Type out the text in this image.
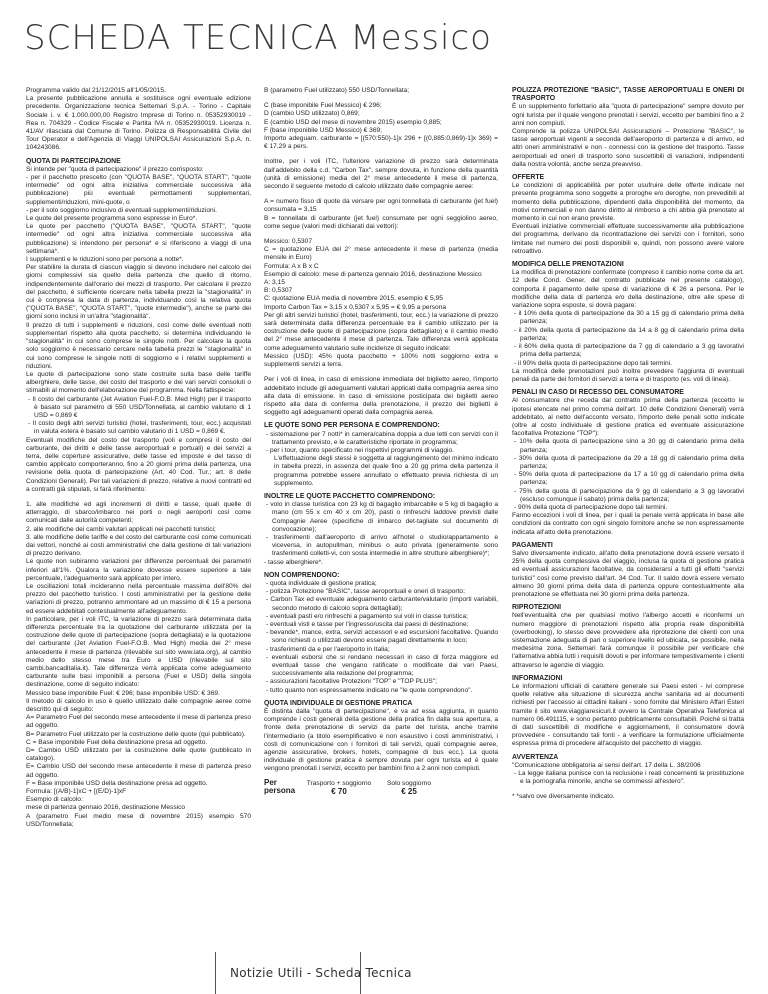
SCHEDA TECNICA Messico

Programma valido dal 21/12/2015 all'1/05/2015.

La presente pubblicazione annulla e sostituisce ogni eventuale edizione precedente. Organizzazione tecnica Settemari S.p.A. - Torino - Capitale Sociale i. v. € 1.000.000,00 Registro Imprese di Torino n. 05352930019 - Rea n. 704329 - Codice Fiscale e Partita IVA n. 05352930019. Licenza n. 41/AV rilasciata dal Comune di Torino. Polizza di Responsabilità Civile del Tour Operator e dell'Agenzia di Viaggi UNIPOLSAI Assicurazioni S.p.A. n. 104243086.

QUOTA DI PARTECIPAZIONE

Si intende per "quota di partecipazione" il prezzo corrisposto:

- per il pacchetto prescelto (con "QUOTA BASE", "QUOTA START", "quote intermedie" od ogni altra iniziativa commerciale successiva alla pubblicazione) più eventuali permottamenti supplementari, supplementi/riduzioni, mini-quote, o

- per il solo soggiorno inclusivo di eventuali supplementi/riduzioni.

Le quote del presente programma sono espresse in Euro*.

Le quote per pacchetto ("QUOTA BASE", "QUOTA START", "quote intermedie" od ogni altra iniziativa commerciale successiva alla pubblicazione) si intendono per persona* e si riferiscono a viaggi di una settimana*.

I supplementi e le riduzioni sono per persona a notte*.

Per stabilire la durata di ciascun viaggio si devono includere nel calcolo dei giorni complessivi sia quello della partenza che quello di ritorno, indipendentemente dall'orario dei mezzi di trasporto. Per calcolare il prezzo del pacchetto, è sufficiente ricercare nella tabella prezzi la "stagionalità" in cui è compresa la data di partenza, individuando così la relativa quota ("QUOTA BASE", "QUOTA START", "quote intermedie"), anche se parte dei giorni sono inclusi in un'altra "stagionalità".

Il prezzo di tutti i supplementi e riduzioni, così come delle eventuali notti supplementari rispetto alla quota pacchetto, si determina individuando le "stagionalità" in cui sono comprese le singole notti. Per calcolare la quota solo soggiorno è necessario cercare nella tabella prezzi le "stagionalità" in cui sono comprese le singole notti di soggiorno e i relativi supplementi e riduzioni.

Le quote di partecipazione sono state costruite sulla base delle tariffe alberghiere, delle tasse, del costo del trasporto e dei vari servizi consoluti o stimabili al momento dell'elaborazione del programma. Nella fattispecie:

- Il costo del carburante (Jet Aviation Fuel-F.O.B. Med High) per il trasporto è basato sul parametro di 550 USD/Tonnellata, al cambio valutario di 1 USD = 0,869 €

- Il costo degli altri servizi turistici (hotel, trasferimenti, tour, ecc.) acquistati in valuta estera è basato sul cambio valutario di 1 USD = 0,869 €.

Eventuali modifiche del costo del trasporto (voli e compresi il costo del carburante, dei diritti e delle tasse aeroportuali e portuali) e dei servizi a terra, delle coperture assicurative, delle tasse ed imposte e del tasso di cambio applicato comporteranno, fino a 20 giorni prima della partenza, una revisione della quota di partecipazione (Art. 40 Cod. Tur.; art. 8 delle Condizioni Generali). Per tali variazioni di prezzo, relative a nuovi contratti ed a contratti già stipulati, si farà riferimento:

1. alle modifiche ed agli incrementi di diritti e tasse, quali quelle di atterraggio, di sbarco/imbarco nei porti o negli aeroporti così come comunicati dalle autorità competenti;

2. alle modifiche dei cambi valutari applicati nei pacchetti turistici;

3. alle modifiche delle tariffe e del costo del carburante così come comunicati dai vettori, nonché ai costi amministrativi che dalla gestione di tali variazioni di prezzo derivano.

Le quote non subiranno variazioni per differenze percentuali dei parametri inferiori all'1%. Qualora la variazione dovesse essere superiore a tale percentuale, l'adeguamento sarà applicato per intero.

Le oscillazioni totali incideranno nella percentuale massima dell'80% del prezzo del pacchetto turistico. I costi amministrativi per la gestione delle variazioni di prezzo, potranno ammontare ad un massimo di € 15 a persona ed essere addebitati contestualmente all'adeguamento.

In particolare, per i voli ITC, la variazione di prezzo sarà determinata dalla differenza percentuale tra la quotazione del carburante utilizzata per la costruzione delle quote di partecipazione (sopra dettagliata) e la quotazione del carburante (Jet Aviation Fuel-F.O.B. Med High) media dei 2° mese antecedente il mese di partenza (rilevabile sul sito www.iata.org), al cambio medio dello stesso mese tra Euro e USD (rilevabile sul sito cambi.bancaditalia.it). Tale differenza verrà applicata come adeguamento carburante sulle basi imponibili a persona (Fuel e USD) della singola destinazione, come di seguito indicato:

Messico base imponibile Fuel: € 296; base imponibile USD: € 369.

Il metodo di calcolo in uso è quello utilizzato dalle compagnie aeree come descritto qui di seguito:

A= Parametro Fuel del secondo mese antecedente il mese di partenza preso ad oggetto.

B= Parametro Fuel utilizzato per la costruzione delle quote (qui pubblicato).

C = Base imponibile Fuel della destinazione presa ad oggetto.

D= Cambio USD utilizzato per la costruzione delle quote (pubblicato in catalogo).

E= Cambio USD del secondo mese antecedente il mese di partenza preso ad oggetto.

F = Base imponibile USD della destinazione presa ad oggetto.

Formula: [(A/B)-1]xC + [(E/D)-1]xF

Esempio di calcolo:

mese di partenza gennaio 2016, destinazione Messico

A (parametro Fuel medio mese di novembre 2015) esempio 570 USD/Tonnellata;

B (parametro Fuel utilizzato) 550 USD/Tonnellata;

C (base imponibile Fuel Messico) € 296;

D (cambio USD utilizzato) 0,869;

E (cambio USD del mese di novembre 2015) esempio 0,885;

F (base imponibile USD Messico) € 369;

Importo adeguam. carburante = [(570:550)-1]x 296 + [(0,885:0,869)-1]x 369) = € 17,29 a pers.

Inoltre, per i voli ITC, l'ulteriore variazione di prezzo sarà determinata dall'addebito della c.d. "Carbon Tax", sempre dovuta, in funzione della quantità (unità di emissione) media del 2° mese antecedente il mese di partenza, secondo il seguente metodo di calcolo utilizzato dalle compagnie aeree:

A = numero fisso di quote da versare per ogni tonnellata di carburante (jet fuel) consumata = 3,15

B = tonnellate di carburante (jet fuel) consumate per ogni seggiolino aereo, come segue (valori medi dichiarati dai vettori):

Messico: 0,5307

C = quotazione EUA del 2° mese antecedente il mese di partenza (media mensile in Euro)

Formula: A x B x C

Esempio di calcolo: mese di partenza gennaio 2016, destinazione Messico

A: 3,15

B: 0,5307

C: quotazione EUA media di novembre 2015, esempio € 5,95

Importo Carbon Tax = 3,15 x 0,5307 x 5,95 = € 9,95 a persona

Per gli altri servizi turistici (hotel, trasferimenti, tour, ecc.) la variazione di prezzo sarà determinata dalla differenza percentuale tra il cambio utilizzato per la costruzione delle quote di partecipazione (sopra dettagliato) e il cambio medio del 2° mese antecedente il mese di partenza. Tale differenza verrà applicata come adeguamento valutario sulle incidenze di seguito indicate:

Messico (USD): 45% quota pacchetto + 100% notti soggiorno extra e supplementi servizi a terra.

Per i voli di linea, in caso di emissione immediata del biglietto aereo, l'importo addebitato include gli adeguamenti valutari applicati dalla compagnia aerea sino alla data di emissione. In caso di emissione posticipata dei biglietti aereo rispetto alla data di conferma della prenotazione, il prezzo dei biglietti è soggetto agli adeguamenti operati dalla compagnia aerea.

LE QUOTE SONO PER PERSONA E COMPRENDONO:

- sistemazione per 7 notti* in camera/cabina doppia a due letti con servizi con il trattamento previsto, e le caratteristiche riportate in programma;

- per i tour, quanto specificato nei rispettivi programmi di viaggio.

L'effettuazione degli stessi è soggetta al raggiungimento del minimo indicato in tabella prezzi, in assenza del quale fino a 20 gg prima della partenza il programma potrebbe essere annullato o effettuato previa richiesta di un supplemento.

INOLTRE LE QUOTE PACCHETTO COMPRENDONO:

- volo in classe turistica con 23 kg di bagaglio imbarcabile e 5 kg di bagaglio a mano (cm 55 x cm 40 x cm 20), pasti o rinfreschi laddove previsti dalle Compagnie Aeree (specifiche di imbarco det-tagliate sul documento di convocazione);

- trasferimenti dall'aeroporto di arrivo all'hotel o studio/appartamento e viceversa, in autopullman, minibus o auto privata (generalmente sono trasferimenti colletti-vi, con sosta intermedie in altre strutture alberghiere)*;

- tasse alberghiere*.

NON COMPRENDONO:

- quota individuale di gestione pratica;

- polizza Protezione "BASIC", tasse aeroportuali e oneri di trasporto;

- Carbon Tax ed eventuale adeguamento carburante/valutario (importi variabili, secondo metodo di calcolo sopra dettagliati);

- eventuali pasti e/o rinfreschi a pagamento sui voli in classe turistica;

- eventuali visti e tasse per l'ingresso/uscita dai paesi di destinazione;

- bevande*, mance, extra, servizi accessori e ed escursioni facoltative. Quando sono richiesti o utilizzati devono essere pagati direttamente in loco;

- trasferimenti da e per l'aeroporto in Italia;

- eventuali esborsi che si rendano necessari in caso di forza maggiore ed eventuali tasse che vengano ratificate o modificate dai vari Paesi, successivamente alla redazione del programma;

- assicurazioni facoltative Protezioni "TOP" e "TOP PLUS";

- tutto quanto non espressamente indicato ne "le quote comprendono".

QUOTA INDIVIDUALE DI GESTIONE PRATICA

È distinta dalla "quota di partecipazione", e va ad essa aggiunta, in quanto comprende i costi generali della gestione della pratica fin dalla sua apertura, a fronte della prenotazione di servizi da parte del turista, anche tramite l'intermediario (a titolo esemplificativo e non esaustivo i costi amministrativi, i costi di comunicazione con i fornitori di tali servizi, quali compagnie aeree, agenzie assicurative, brokers, hotels, compagnie di bus ecc.). La quota individuale di gestione pratica è sempre dovuta per ogni turista ed è quale vengono prenotati i servizi, eccetto per bambini fino a 2 anni non compiuti.

Per persona
Trasporto + soggiorno
€ 70
Solo soggiorno
€ 25

POLIZZA PROTEZIONE "BASIC", TASSE AEROPORTUALI E ONERI DI TRASPORTO

È un supplemento forfettario alla "quota di partecipazione" sempre dovuto per ogni turista per il quale vengono prenotati i servizi, eccetto per bambini fino a 2 anni non compiuti.

Comprende la polizza UNIPOLSAI Assicurazioni – Protezione "BASIC", le tasse aeroportuali vigenti a seconda dell'aeroporto di partenza e di arrivo, ed altri oneri amministrativi e non - connessi con la gestione del trasporto. Tasse aeroportuali ed oneri di trasporto sono suscettibili di variazioni, indipendenti dalla nostra volontà, anche senza preavviso.

OFFERTE

Le condizioni di applicabilità per poter usufruire delle offerte indicate nel presente programma sono soggette a proroghe e/o deroghe, non prevedibili al momento della pubblicazione, dipendenti dalla disponibilità del momento, da motivi commerciali e non danno diritto al rimborso a chi abbia già prenotato al momento in cui non erano previste.

Eventuali iniziative commerciali effettuate successivamente alla pubblicazione del programma, derivano da ricontrattazione dei servizi con i fornitori, sono limitate nel numero dei posti disponibili e, quindi, non possono avere valore retroattivo.

MODIFICA DELLE PRENOTAZIONI

La modifica di prenotazioni confermate (compreso il cambio nome come da art. 12 delle Cond. Gener. del contratto pubblicate nel presente catalogo), comporta il pagamento delle spese di variazione di € 26 a persona. Per le modifiche della data di partenza e/o della destinazione, oltre alle spese di variazione sopra esposte, si dovrà pagare:

- il 10% della quota di partecipazione da 30 a 15 gg di calendario prima della partenza;

- il 20% della quota di partecipazione da 14 a 8 gg di calendario prima della partenza;

- il 60% della quota di partecipazione da 7 gg di calendario a 3 gg lavorativi prima della partenza;

- il 90% della quota di partecipazione dopo tali termini.

La modifica delle prenotazioni può inoltre prevedere l'aggiunta di eventuali penali da parte dei fornitori di servizi a terra e di trasporto (es. voli di linea).

PENALI IN CASO DI RECESSO DEL CONSUMATORE

Al consumatore che receda dal contratto prima della partenza (eccetto le ipotesi elencate nel primo comma dell'art. 10 delle Condizioni Generali) verrà addebitato, al netto dell'acconto versato, l'importo delle penali sotto indicate (oltre al costo individuale di gestione pratica ed eventuale assicurazione facoltativa Protezione "TOP"):

- 10% della quota di partecipazione sino a 30 gg di calendario prima della partenza;

- 30% della quota di partecipazione da 29 a 18 gg di calendario prima della partenza;

- 50% della quota di partecipazione da 17 a 10 gg di calendario prima della partenza;

- 75% della quota di partecipazione da 9 gg di calendario a 3 gg lavorativi (escluso comunque il sabato) prima della partenza;

- 90% della quota di partecipazione dopo tali termini.

Fanno eccezioni i voli di linea, per i quali la penale verrà applicata in base alle condizioni da contratto con ogni singolo fornitore anche se non espressamente indicata all'atto della prenotazione.

PAGAMENTI

Salvo diversamente indicato, all'atto della prenotazione dovrà essere versato il 25% della quota complessiva del viaggio, inclusa la quota di gestione pratica ed eventuali assicurazioni facoltative, da considerarsi a tutti gli effetti "servizi turistici" così come previsto dall'art. 34 Cod. Tur. Il saldo dovrà essere versato almeno 30 giorni prima della data di partenza oppure contestualmente alla prenotazione se effettuata nei 30 giorni prima della partenza.

RIPROTEZIONI

Nell'eventualità che per qualsiasi motivo l'albergo accetti e riconfermi un numero maggiore di prenotazioni rispetto alla propria reale disponibilità (overbooking), lo stesso deve provvedere alla riprotezione dei clienti con una sistemazione adeguata di pari o superiore livello ed ubicata, se possibile, nella medesima zona. Settemari farà comunque il possibile per verificare che l'alternativa abbia tutti i requisiti dovuti e per informare tempestivamente i clienti attraverso le agenzie di viaggio.

INFORMAZIONI

Le informazioni ufficiali di carattere generale sui Paesi esteri - ivi comprese quelle relative alla situazione di sicurezza anche sanitaria ed ai documenti richiesti per l'accesso ai cittadini italiani - sono fornite dal Ministero Affari Esteri tramite il sito www.viaggiaresicuri.it ovvero la Centrale Operativa Telefonica al numero 06.491115, e sono pertanto pubblicamente consultabili. Poiché si tratta di dati suscettibili di modifiche e aggiornamenti, il consumatore dovrà provvedere - consultando tali fonti - a verificare la formulazione ufficialmente espressa prima di procedere all'acquisto del pacchetto di viaggio.

AVVERTENZA

"Comunicazione obbligatoria ai sensi dell'art. 17 della L. 38/2006

- La legge italiana punisce con la reclusione i reati concernenti la prostituzione e la pornografia minorile, anche se commessi all'estero".

* *salvo ove diversamente indicato.

Notizie Utili - Scheda Tecnica
